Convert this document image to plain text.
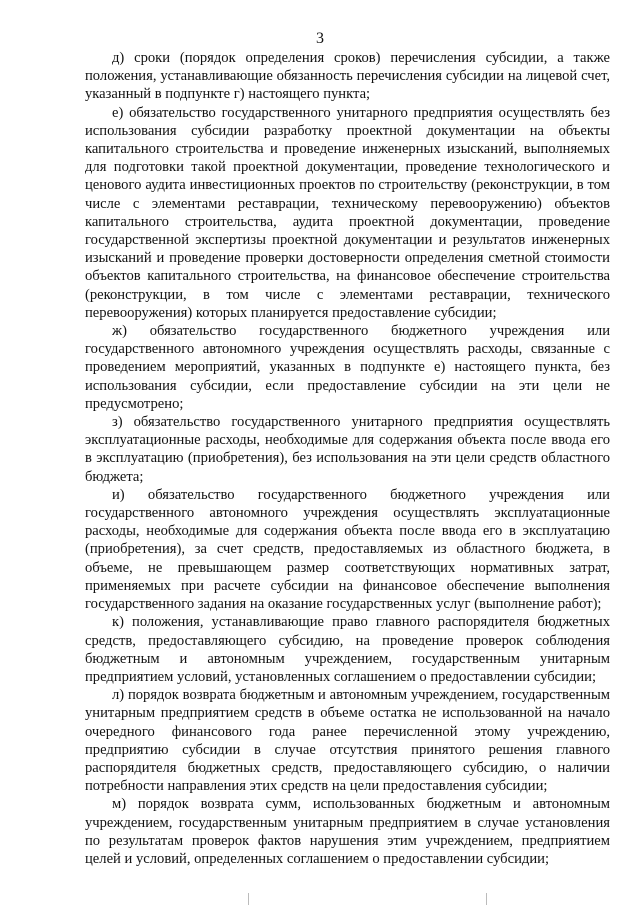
3

д) сроки (порядок определения сроков) перечисления субсидии, а также положения, устанавливающие обязанность перечисления субсидии на лицевой счет, указанный в подпункте г) настоящего пункта;

е) обязательство государственного унитарного предприятия осуществлять без использования субсидии разработку проектной документации на объекты капитального строительства и проведение инженерных изысканий, выполняемых для подготовки такой проектной документации, проведение технологического и ценового аудита инвестиционных проектов по строительству (реконструкции, в том числе с элементами реставрации, техническому перевооружению) объектов капитального строительства, аудита проектной документации, проведение государственной экспертизы проектной документации и результатов инженерных изысканий и проведение проверки достоверности определения сметной стоимости объектов капитального строительства, на финансовое обеспечение строительства (реконструкции, в том числе с элементами реставрации, технического перевооружения) которых планируется предоставление субсидии;

ж) обязательство государственного бюджетного учреждения или государственного автономного учреждения осуществлять расходы, связанные с проведением мероприятий, указанных в подпункте е) настоящего пункта, без использования субсидии, если предоставление субсидии на эти цели не предусмотрено;

з) обязательство государственного унитарного предприятия осуществлять эксплуатационные расходы, необходимые для содержания объекта после ввода его в эксплуатацию (приобретения), без использования на эти цели средств областного бюджета;

и) обязательство государственного бюджетного учреждения или государственного автономного учреждения осуществлять эксплуатационные расходы, необходимые для содержания объекта после ввода его в эксплуатацию (приобретения), за счет средств, предоставляемых из областного бюджета, в объеме, не превышающем размер соответствующих нормативных затрат, применяемых при расчете субсидии на финансовое обеспечение выполнения государственного задания на оказание государственных услуг (выполнение работ);

к) положения, устанавливающие право главного распорядителя бюджетных средств, предоставляющего субсидию, на проведение проверок соблюдения бюджетным и автономным учреждением, государственным унитарным предприятием условий, установленных соглашением о предоставлении субсидии;

л) порядок возврата бюджетным и автономным учреждением, государственным унитарным предприятием средств в объеме остатка не использованной на начало очередного финансового года ранее перечисленной этому учреждению, предприятию субсидии в случае отсутствия принятого решения главного распорядителя бюджетных средств, предоставляющего субсидию, о наличии потребности направления этих средств на цели предоставления субсидии;

м) порядок возврата сумм, использованных бюджетным и автономным учреждением, государственным унитарным предприятием в случае установления по результатам проверок фактов нарушения этим учреждением, предприятием целей и условий, определенных соглашением о предоставлении субсидии;
